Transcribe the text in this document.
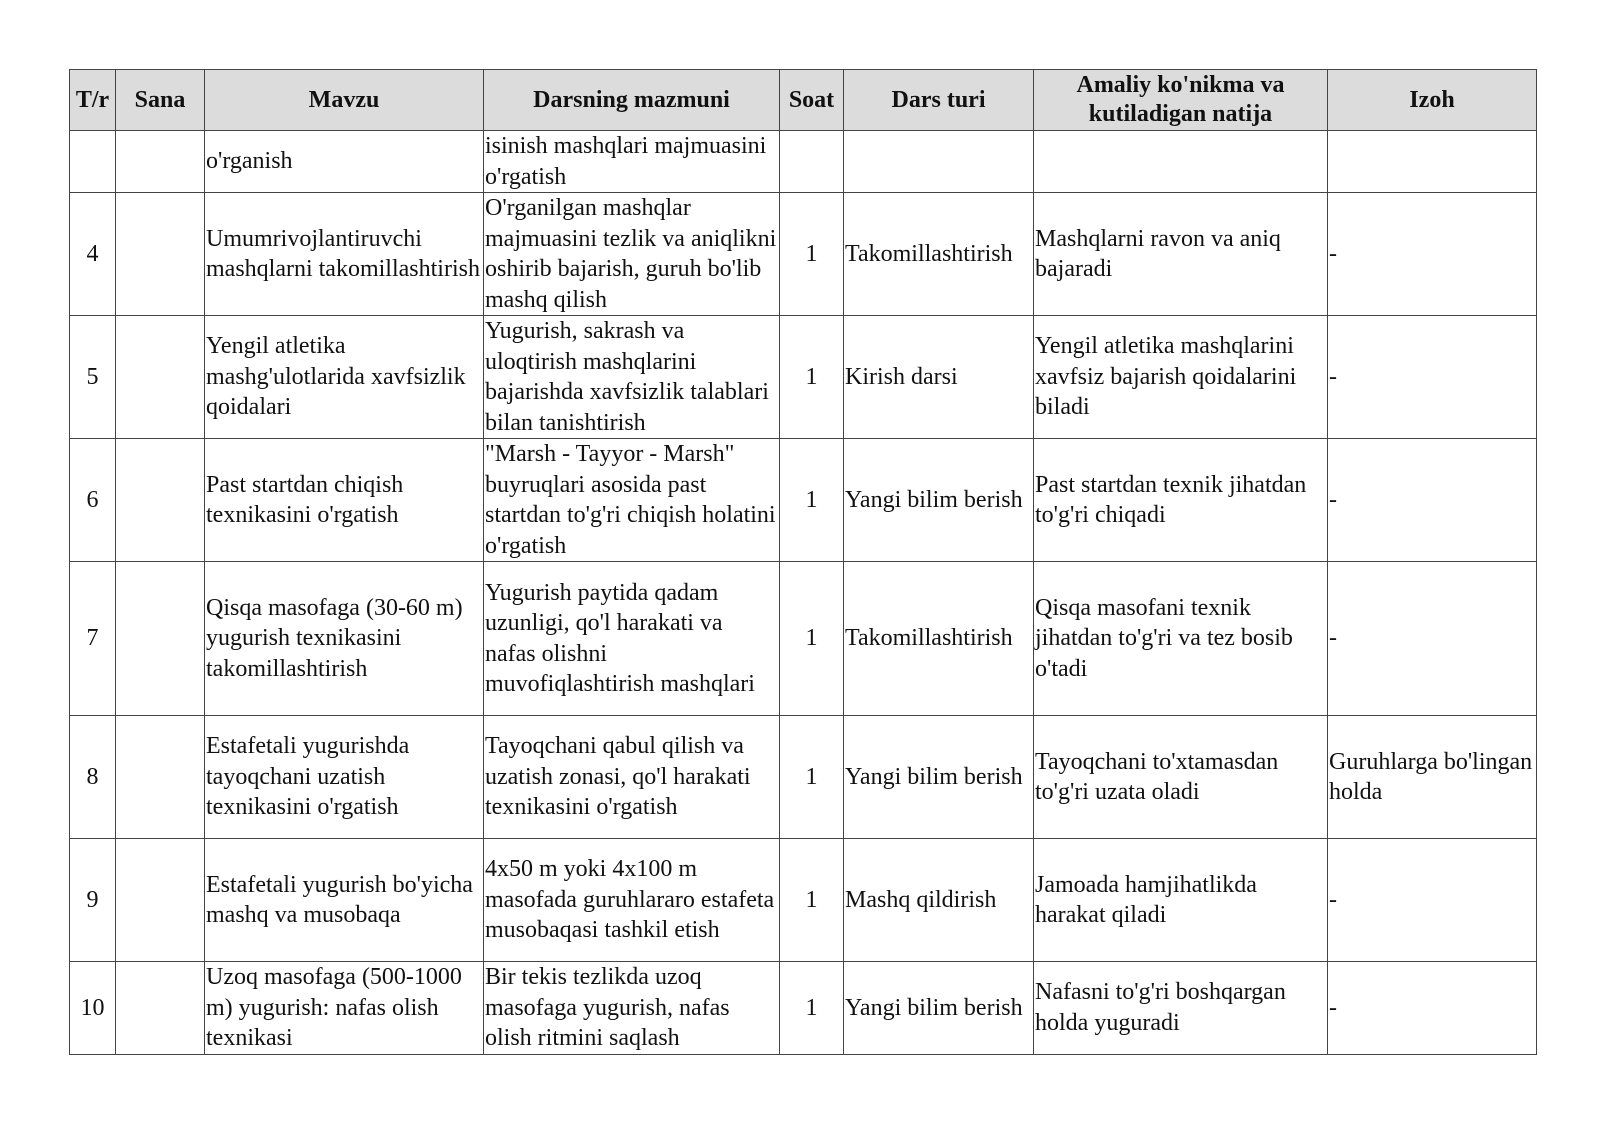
T/r	Sana	Mavzu	Darsning mazmuni	Soat	Dars turi	Amaliy ko'nikma va kutiladigan natija	Izoh
		o'rganish	isinish mashqlari majmuasini o'rgatish				
4		Umumrivojlantiruvchi mashqlarni takomillashtirish	O'rganilgan mashqlar majmuasini tezlik va aniqlikni oshirib bajarish, guruh bo'lib mashq qilish	1	Takomillashtirish	Mashqlarni ravon va aniq bajaradi	-
5		Yengil atletika mashg'ulotlarida xavfsizlik qoidalari	Yugurish, sakrash va uloqtirish mashqlarini bajarishda xavfsizlik talablari bilan tanishtirish	1	Kirish darsi	Yengil atletika mashqlarini xavfsiz bajarish qoidalarini biladi	-
6		Past startdan chiqish texnikasini o'rgatish	"Marsh - Tayyor - Marsh" buyruqlari asosida past startdan to'g'ri chiqish holatini o'rgatish	1	Yangi bilim berish	Past startdan texnik jihatdan to'g'ri chiqadi	-
7		Qisqa masofaga (30-60 m) yugurish texnikasini takomillashtirish	Yugurish paytida qadam uzunligi, qo'l harakati va nafas olishni muvofiqlashtirish mashqlari	1	Takomillashtirish	Qisqa masofani texnik jihatdan to'g'ri va tez bosib o'tadi	-
8		Estafetali yugurishda tayoqchani uzatish texnikasini o'rgatish	Tayoqchani qabul qilish va uzatish zonasi, qo'l harakati texnikasini o'rgatish	1	Yangi bilim berish	Tayoqchani to'xtamasdan to'g'ri uzata oladi	Guruhlarga bo'lingan holda
9		Estafetali yugurish bo'yicha mashq va musobaqa	4x50 m yoki 4x100 m masofada guruhlararo estafeta musobaqasi tashkil etish	1	Mashq qildirish	Jamoada hamjihatlikda harakat qiladi	-
10		Uzoq masofaga (500-1000 m) yugurish: nafas olish texnikasi	Bir tekis tezlikda uzoq masofaga yugurish, nafas olish ritmini saqlash	1	Yangi bilim berish	Nafasni to'g'ri boshqargan holda yuguradi	-
